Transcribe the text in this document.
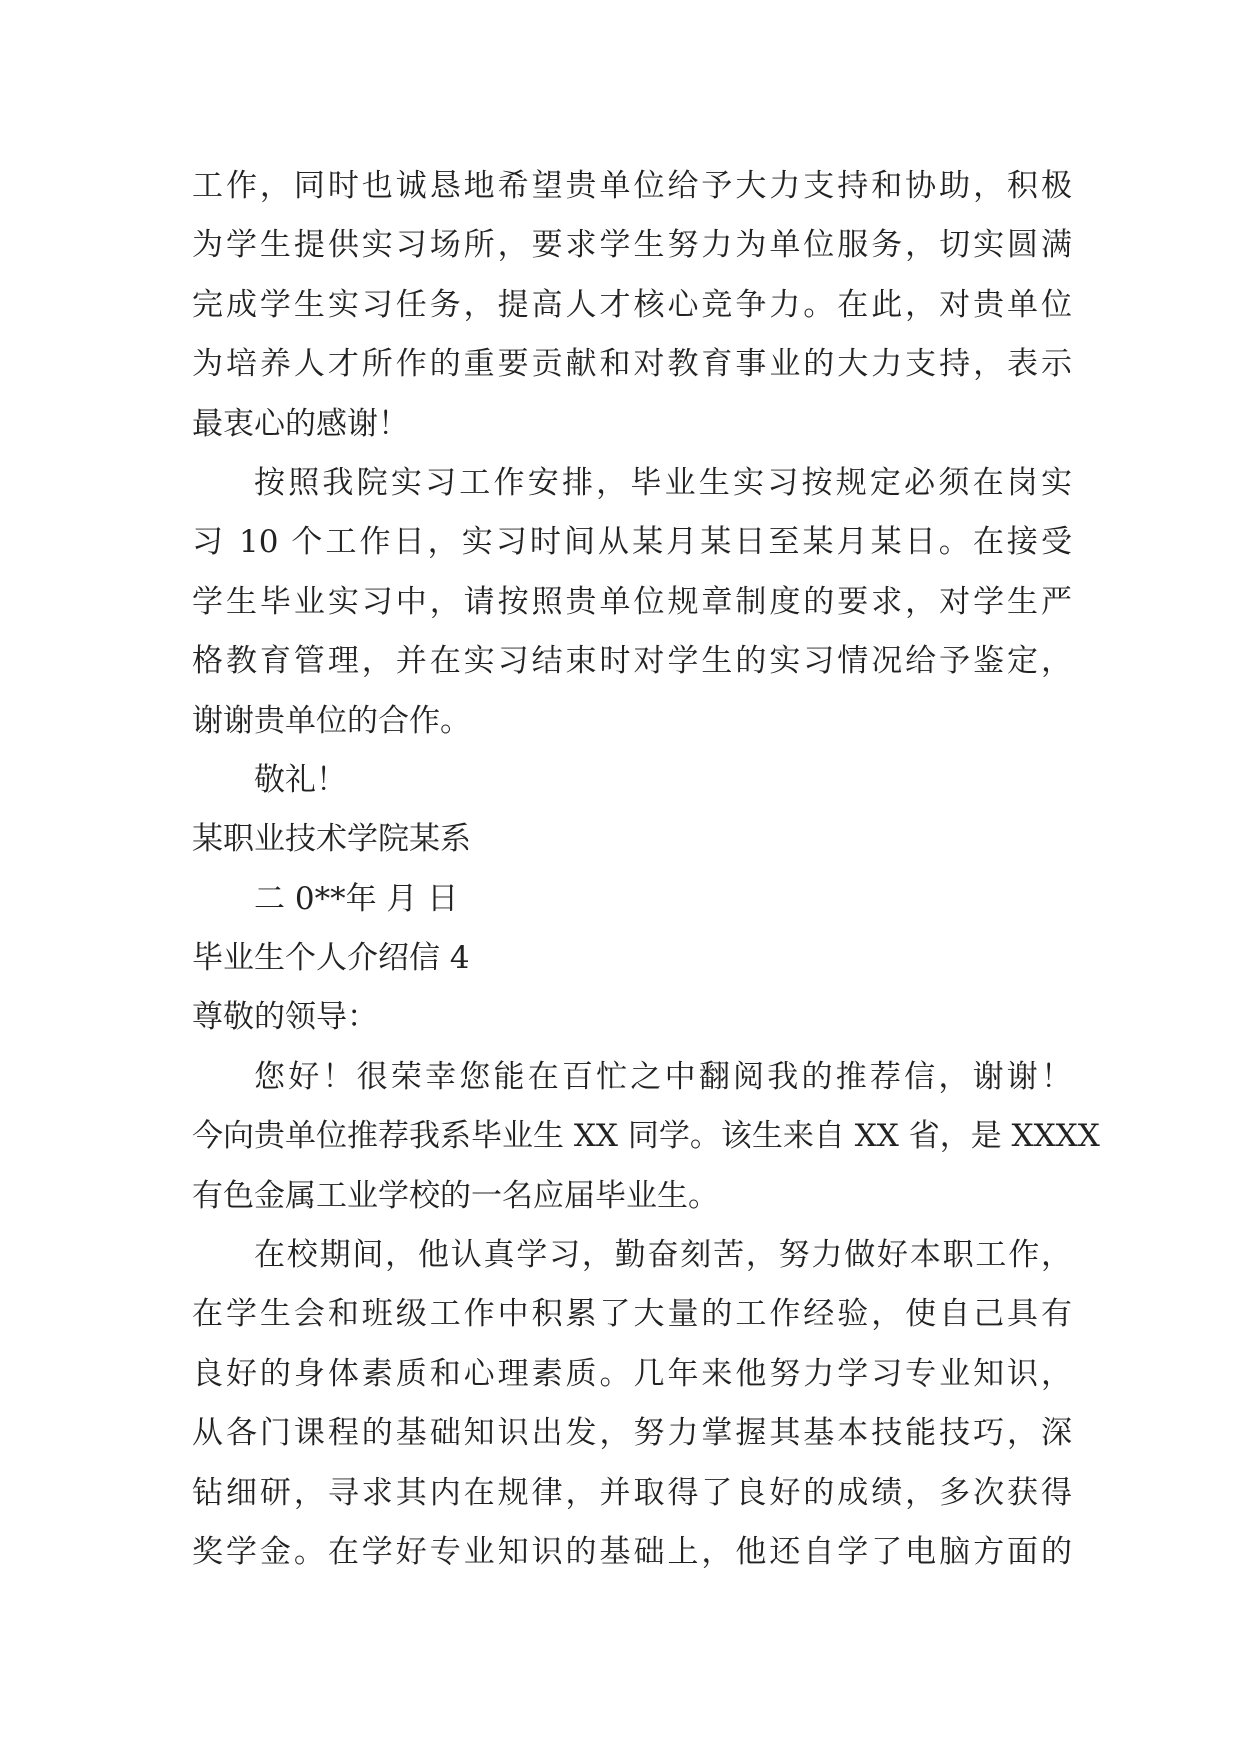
工作，同时也诚恳地希望贵单位给予大力支持和协助，积极
为学生提供实习场所，要求学生努力为单位服务，切实圆满
完成学生实习任务，提高人才核心竞争力。在此，对贵单位
为培养人才所作的重要贡献和对教育事业的大力支持，表示
最衷心的感谢！
按照我院实习工作安排，毕业生实习按规定必须在岗实
习 10 个工作日，实习时间从某月某日至某月某日。在接受
学生毕业实习中，请按照贵单位规章制度的要求，对学生严
格教育管理，并在实习结束时对学生的实习情况给予鉴定，
谢谢贵单位的合作。
敬礼！
某职业技术学院某系
二 0**年 月 日
毕业生个人介绍信 4
尊敬的领导：
您好！很荣幸您能在百忙之中翻阅我的推荐信，谢谢！
今向贵单位推荐我系毕业生 XX 同学。该生来自 XX 省，是 XXXX
有色金属工业学校的一名应届毕业生。
在校期间，他认真学习，勤奋刻苦，努力做好本职工作，
在学生会和班级工作中积累了大量的工作经验，使自己具有
良好的身体素质和心理素质。几年来他努力学习专业知识，
从各门课程的基础知识出发，努力掌握其基本技能技巧，深
钻细研，寻求其内在规律，并取得了良好的成绩，多次获得
奖学金。在学好专业知识的基础上，他还自学了电脑方面的
